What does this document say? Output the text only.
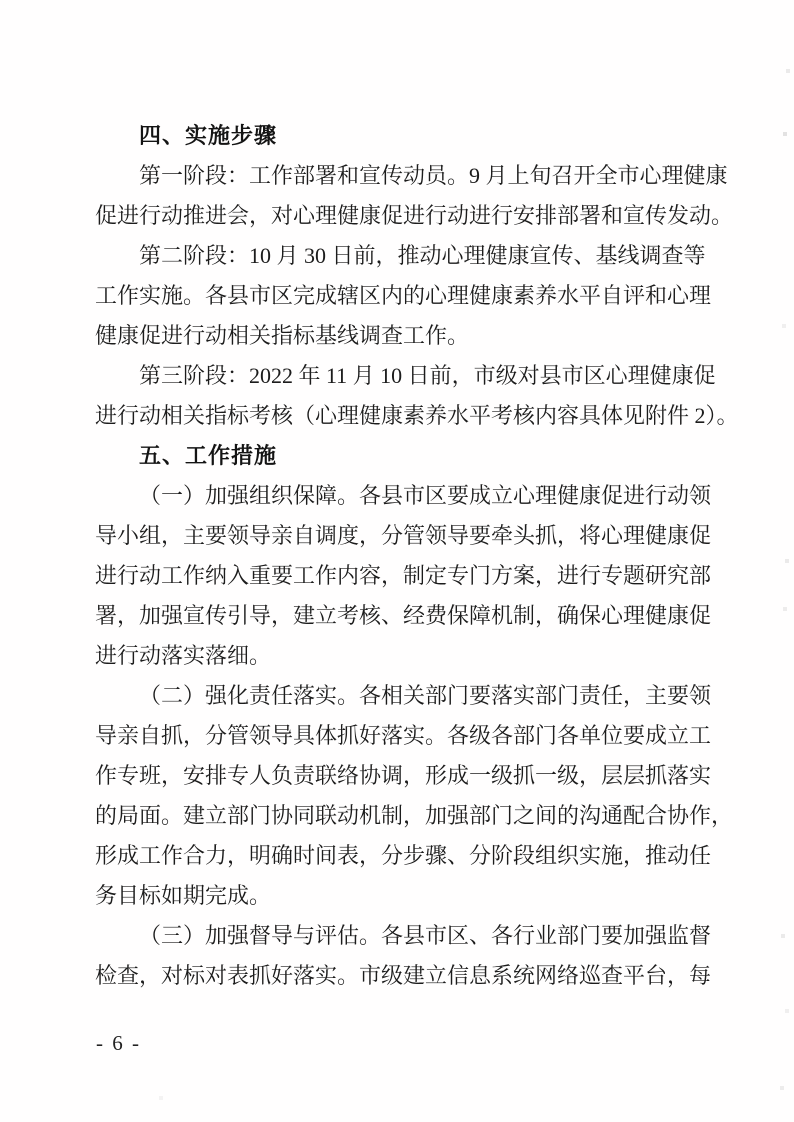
四、实施步骤
第一阶段：工作部署和宣传动员。9 月上旬召开全市心理健康
促进行动推进会，对心理健康促进行动进行安排部署和宣传发动。
第二阶段：10 月 30 日前，推动心理健康宣传、基线调查等
工作实施。各县市区完成辖区内的心理健康素养水平自评和心理
健康促进行动相关指标基线调查工作。
第三阶段：2022 年 11 月 10 日前，市级对县市区心理健康促
进行动相关指标考核（心理健康素养水平考核内容具体见附件 2）。
五、工作措施
（一）加强组织保障。各县市区要成立心理健康促进行动领
导小组，主要领导亲自调度，分管领导要牵头抓，将心理健康促
进行动工作纳入重要工作内容，制定专门方案，进行专题研究部
署，加强宣传引导，建立考核、经费保障机制，确保心理健康促
进行动落实落细。
（二）强化责任落实。各相关部门要落实部门责任，主要领
导亲自抓，分管领导具体抓好落实。各级各部门各单位要成立工
作专班，安排专人负责联络协调，形成一级抓一级，层层抓落实
的局面。建立部门协同联动机制，加强部门之间的沟通配合协作，
形成工作合力，明确时间表，分步骤、分阶段组织实施，推动任
务目标如期完成。
（三）加强督导与评估。各县市区、各行业部门要加强监督
检查，对标对表抓好落实。市级建立信息系统网络巡查平台，每
- 6 -
